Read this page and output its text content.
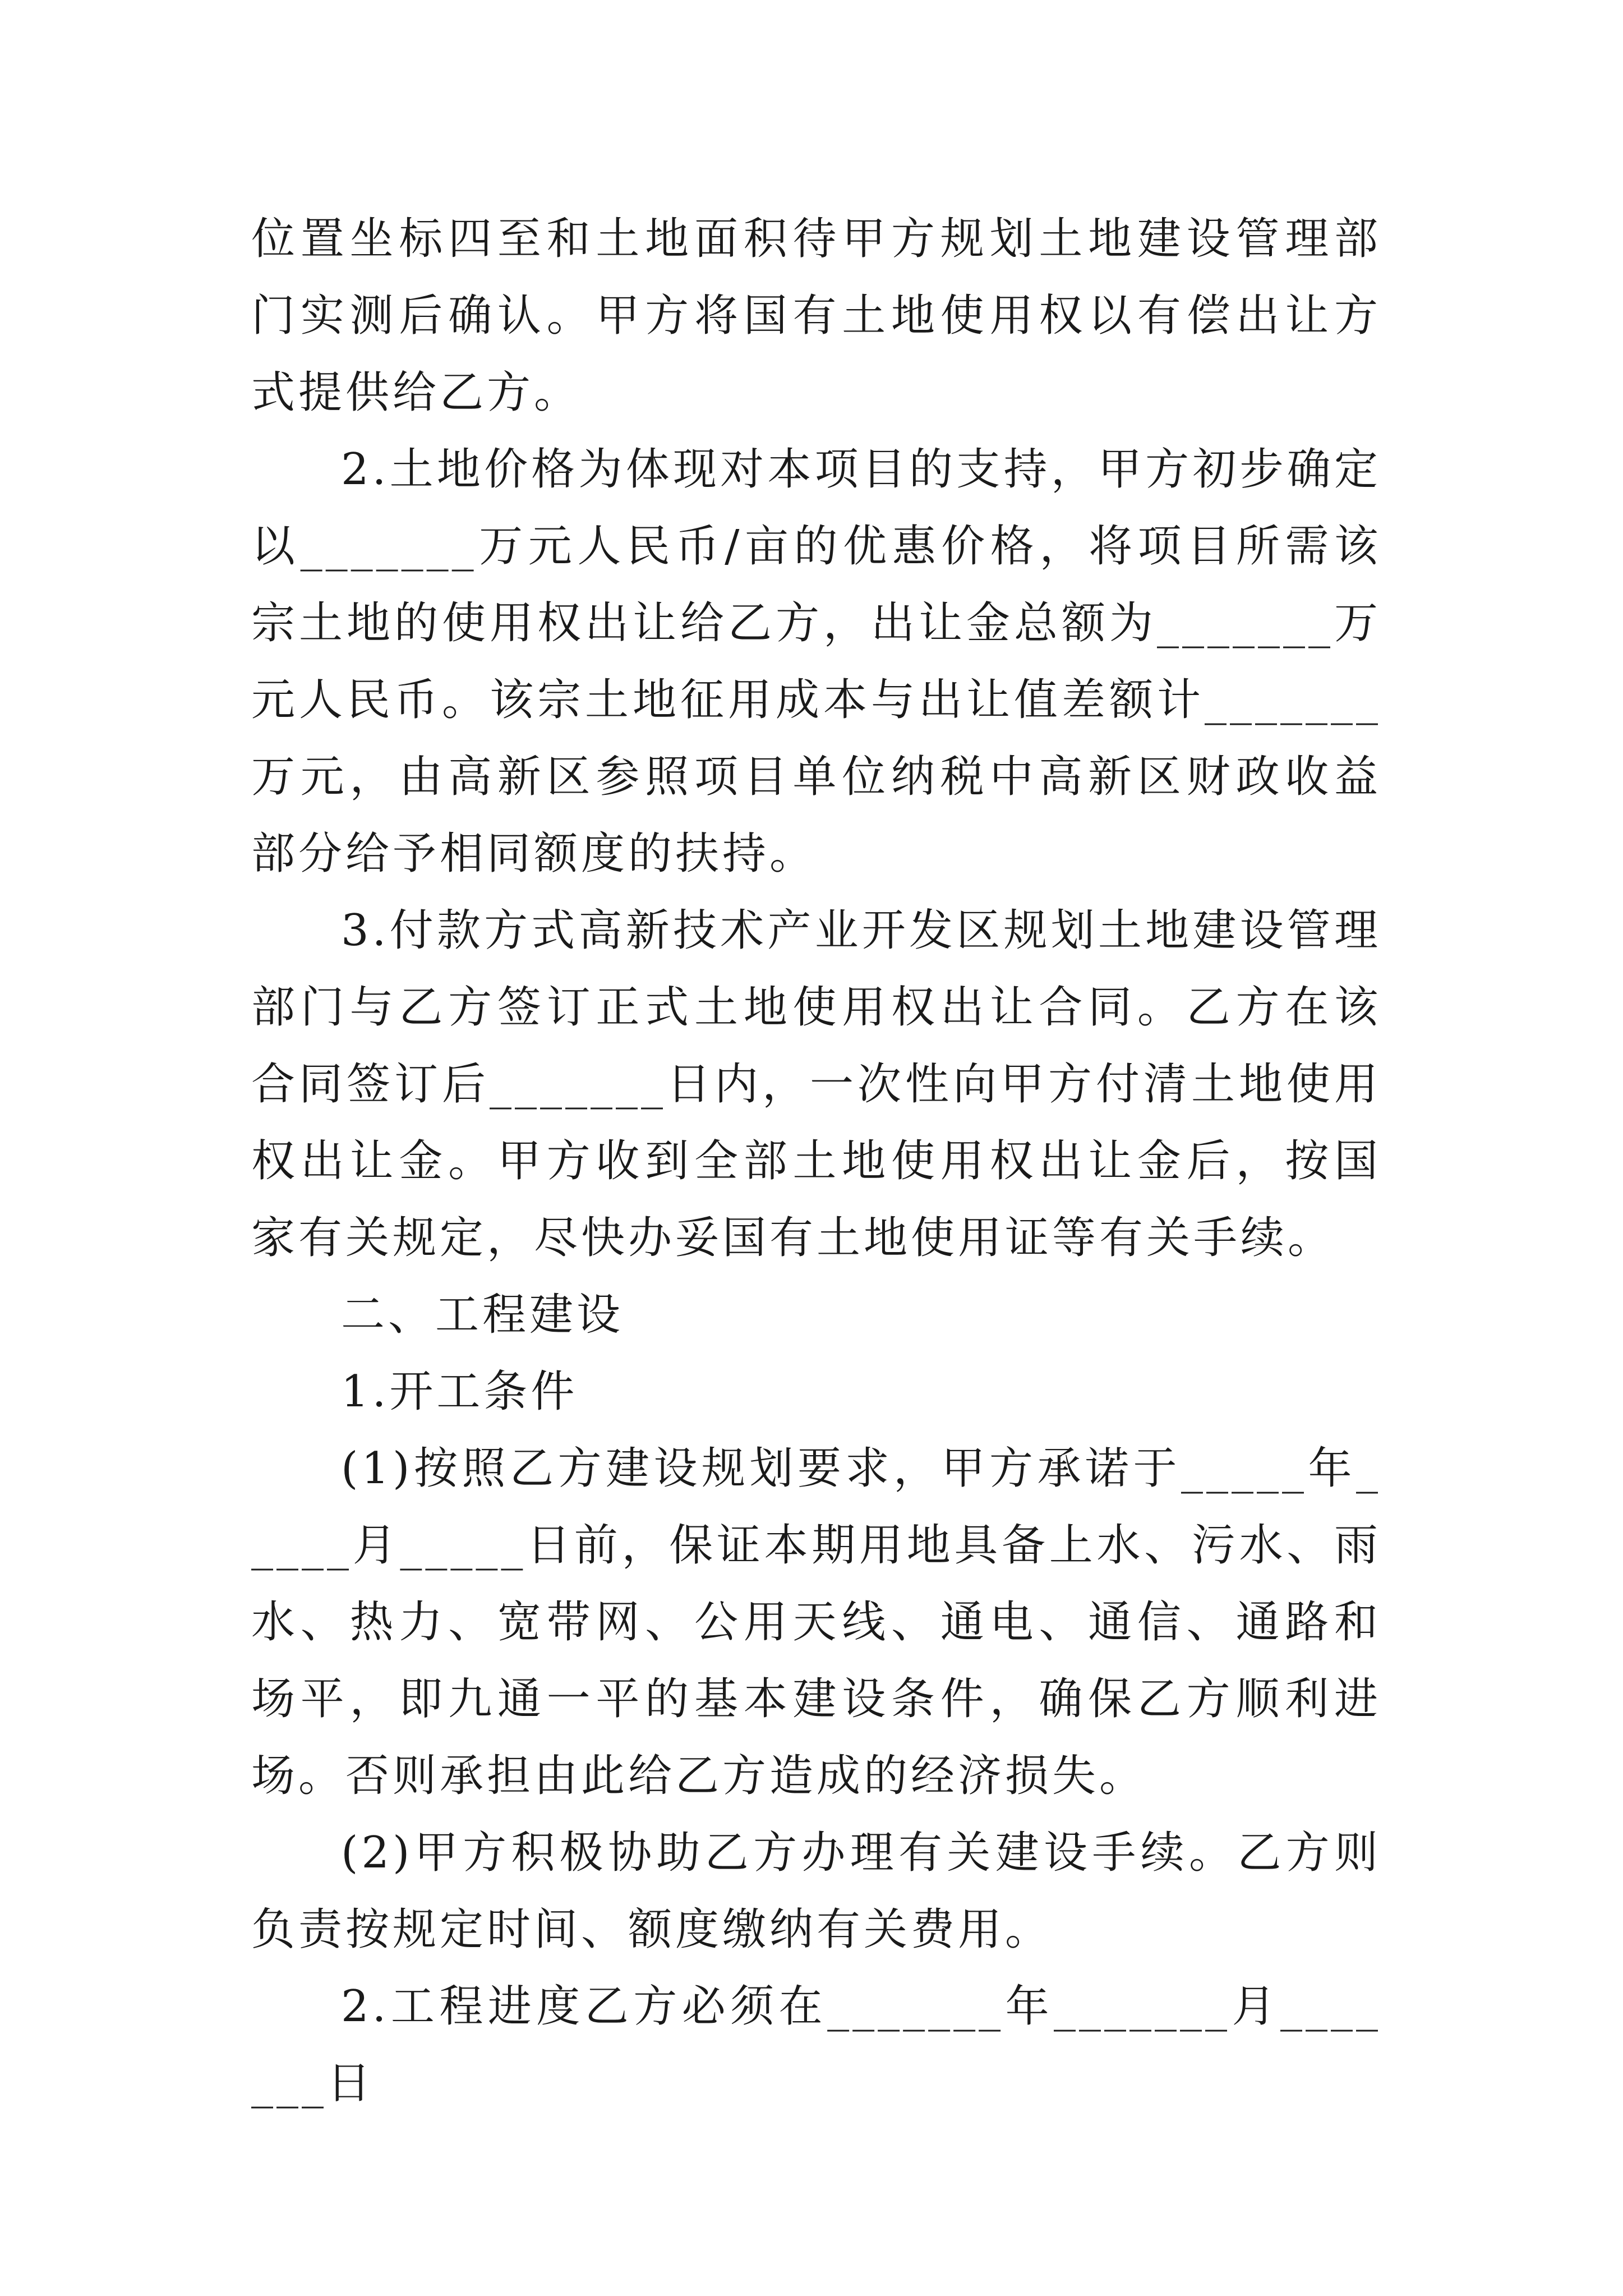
位置坐标四至和土地面积待甲方规划土地建设管理部门实测后确认。甲方将国有土地使用权以有偿出让方式提供给乙方。

2.土地价格为体现对本项目的支持，甲方初步确定以_______万元人民币/亩的优惠价格，将项目所需该宗土地的使用权出让给乙方，出让金总额为_______万元人民币。该宗土地征用成本与出让值差额计_______万元，由高新区参照项目单位纳税中高新区财政收益部分给予相同额度的扶持。

3.付款方式高新技术产业开发区规划土地建设管理部门与乙方签订正式土地使用权出让合同。乙方在该合同签订后_______日内，一次性向甲方付清土地使用权出让金。甲方收到全部土地使用权出让金后，按国家有关规定，尽快办妥国有土地使用证等有关手续。

二、工程建设

1.开工条件

(1)按照乙方建设规划要求，甲方承诺于_____年_____月_____日前，保证本期用地具备上水、污水、雨水、热力、宽带网、公用天线、通电、通信、通路和场平，即九通一平的基本建设条件，确保乙方顺利进场。否则承担由此给乙方造成的经济损失。

(2)甲方积极协助乙方办理有关建设手续。乙方则负责按规定时间、额度缴纳有关费用。

2.工程进度乙方必须在_______年_______月_______日
